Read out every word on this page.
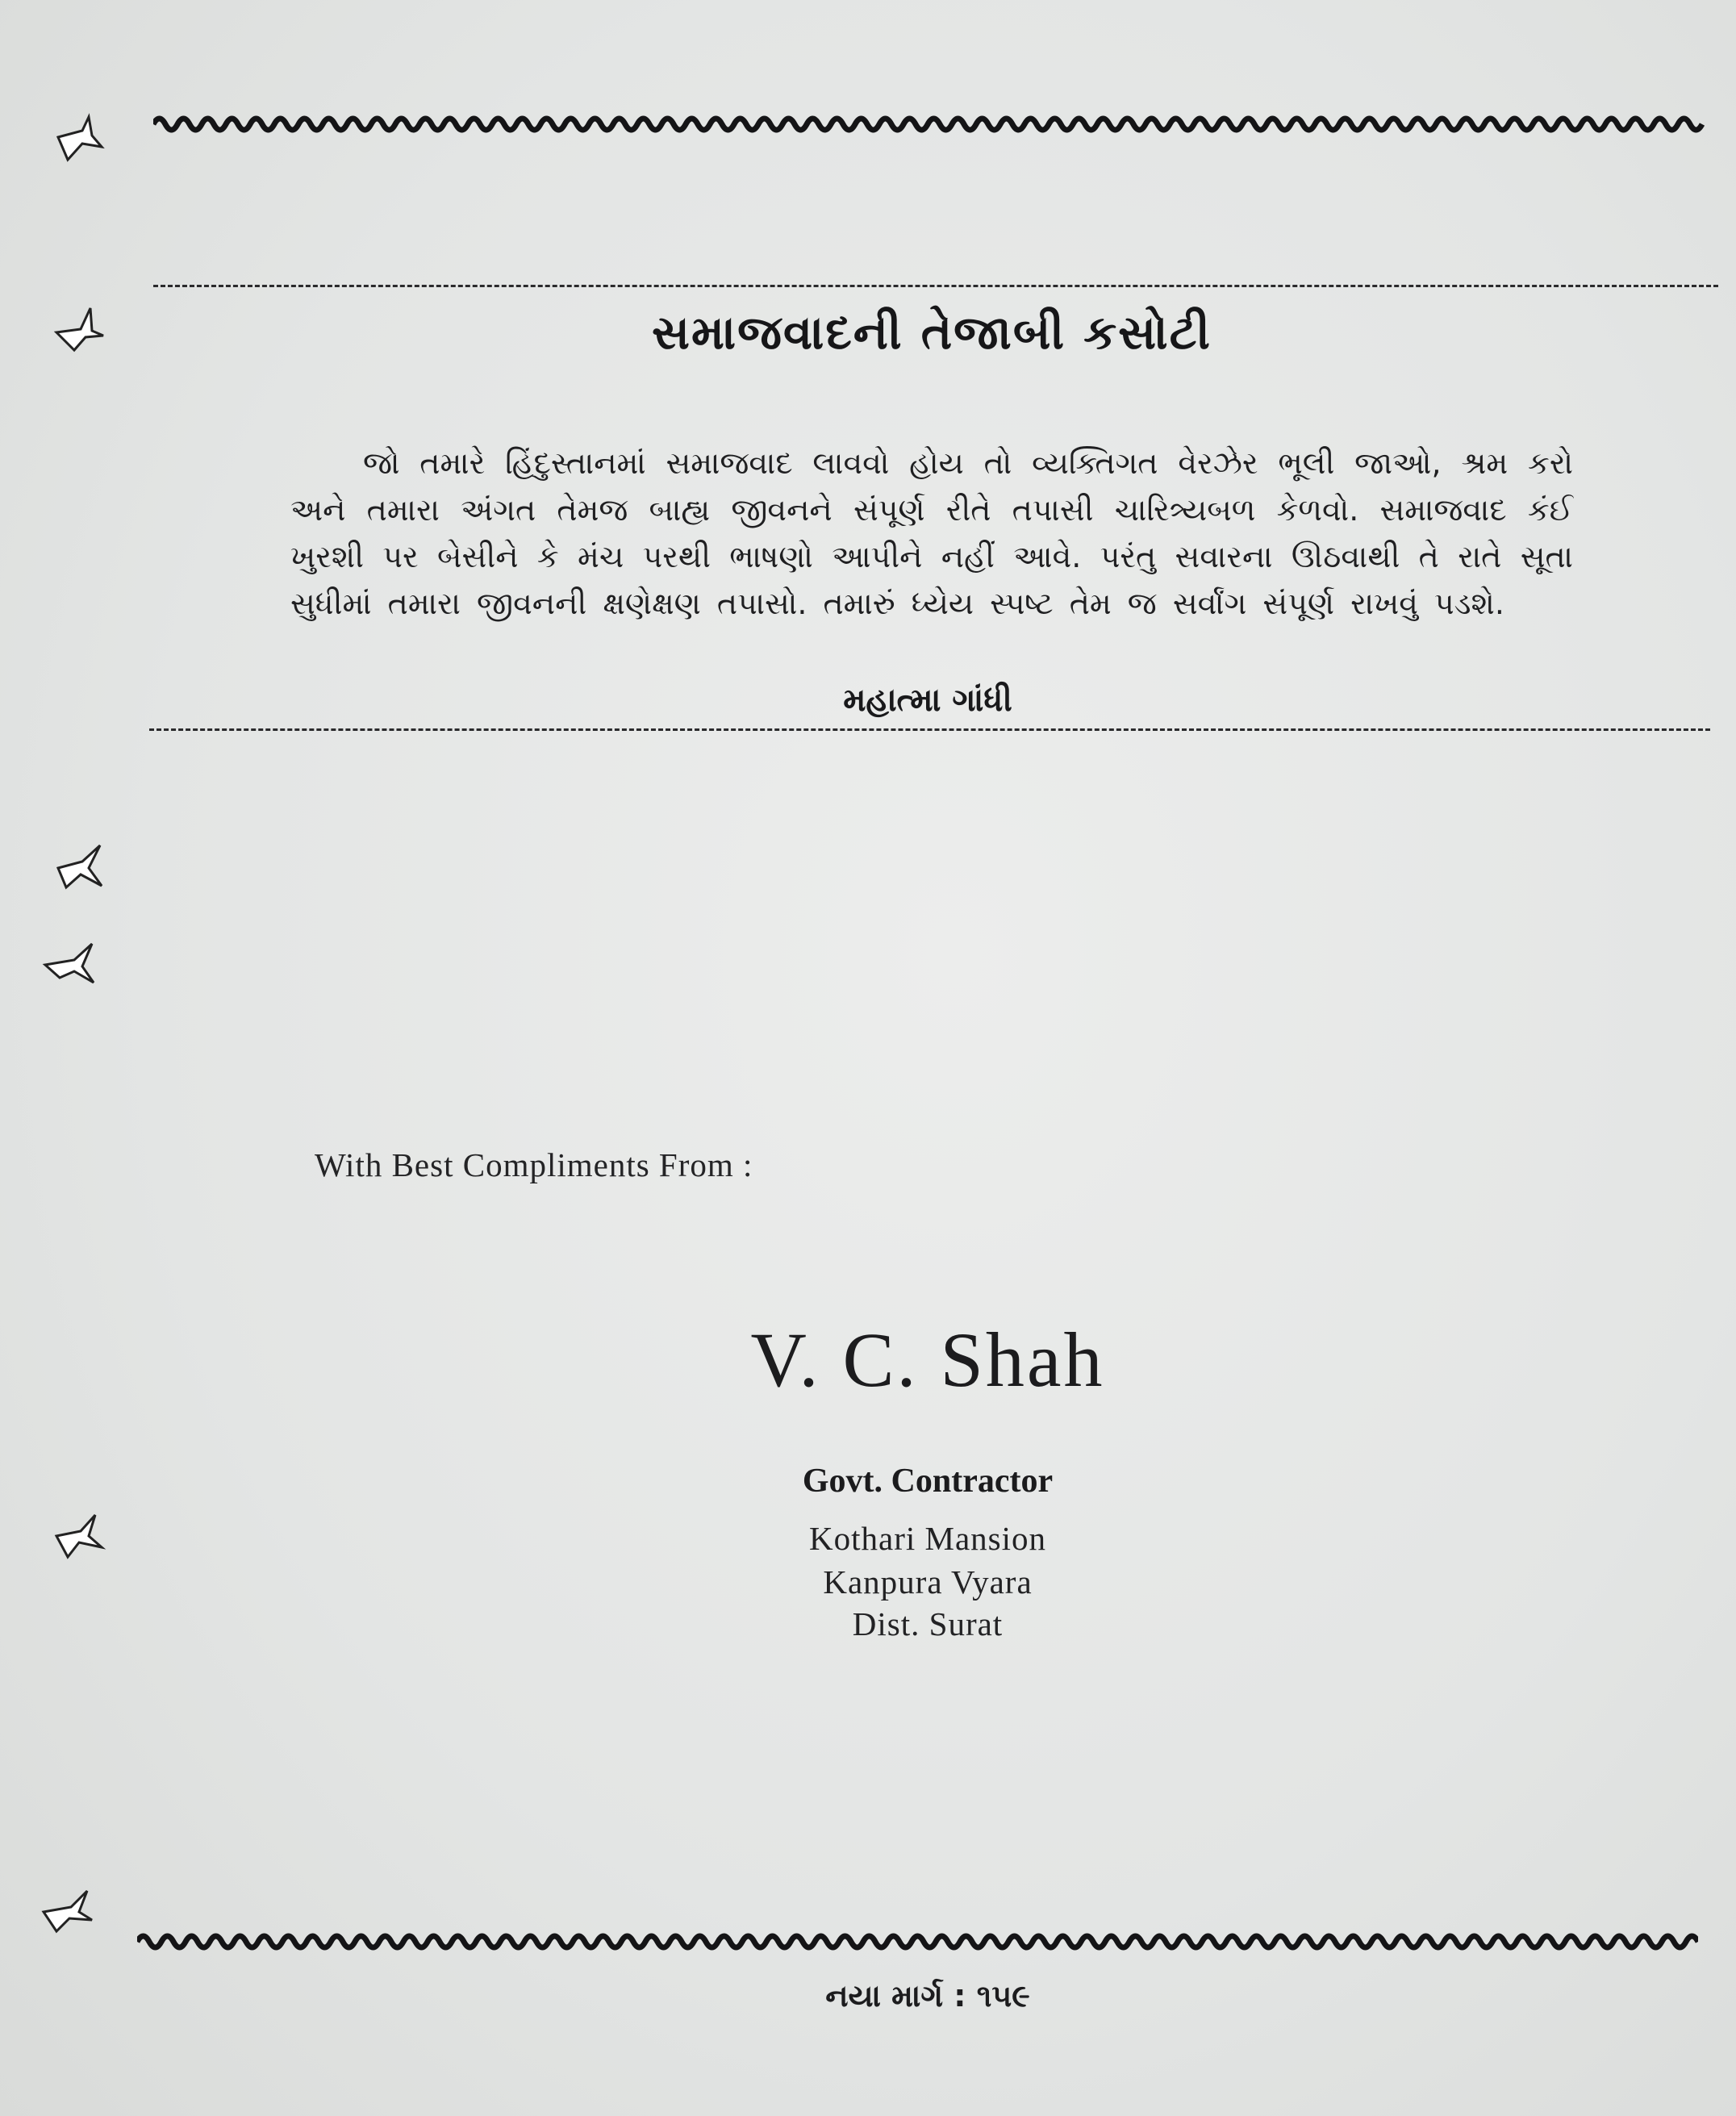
સમાજવાદની તેજાબી કસોટી
જો તમારે હિંદુસ્તાનમાં સમાજવાદ લાવવો હોય તો વ્યક્તિગત વેરઝેર ભૂલી જાઓ, શ્રમ કરો અને તમારા અંગત તેમજ બાહ્ય જીવનને સંપૂર્ણ રીતે તપાસી ચારિત્ર્યબળ કેળવો. સમાજવાદ કંઈ ખુરશી પર બેસીને કે મંચ પરથી ભાષણો આપીને નહીં આવે. પરંતુ સવારના ઊઠવાથી તે રાતે સૂતા સુધીમાં તમારા જીવનની ક્ષણેક્ષણ તપાસો. તમારું ધ્યેય સ્પષ્ટ તેમ જ સર્વાંગ સંપૂર્ણ રાખવું પડશે.
મહાત્મા ગાંધી
With Best Compliments From :
V. C. Shah
Govt. Contractor
Kothari Mansion
Kanpura Vyara
Dist. Surat
નયા માર્ગ : ૧૫૯
